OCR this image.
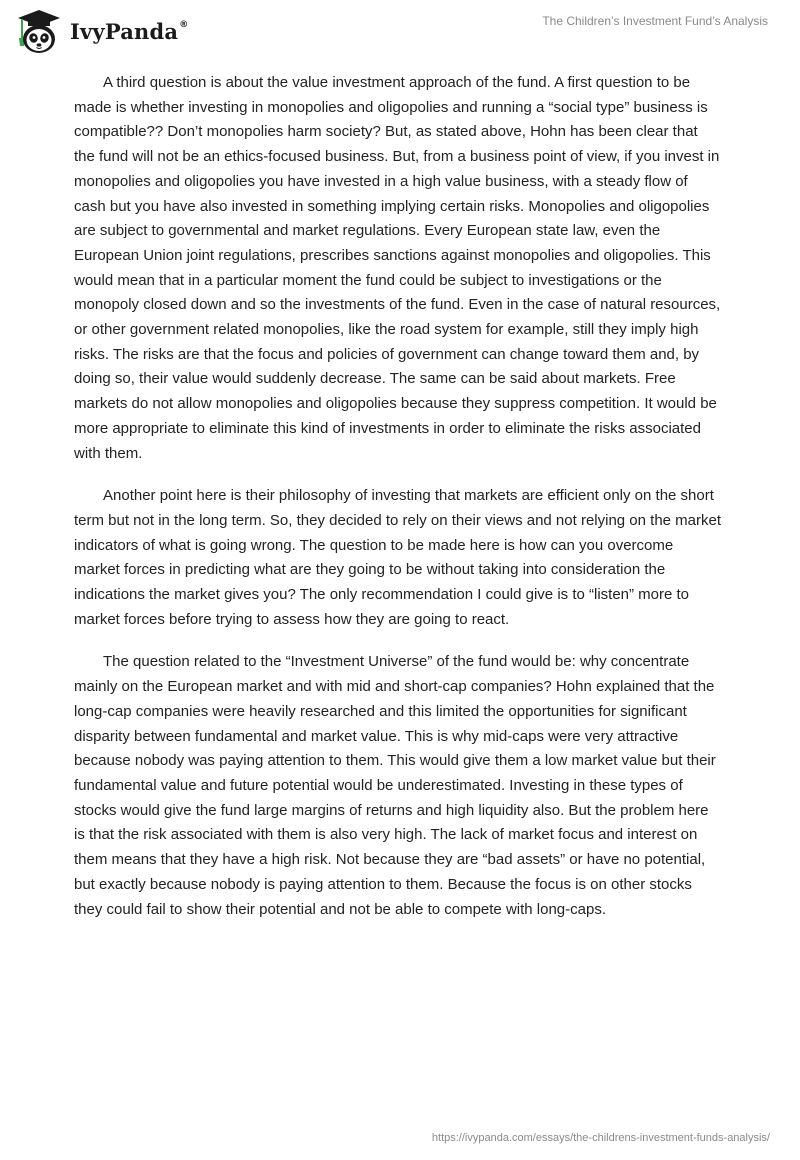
IvyPanda®	The Children’s Investment Fund’s Analysis

A third question is about the value investment approach of the fund. A first question to be made is whether investing in monopolies and oligopolies and running a “social type” business is compatible?? Don’t monopolies harm society? But, as stated above, Hohn has been clear that the fund will not be an ethics-focused business. But, from a business point of view, if you invest in monopolies and oligopolies you have invested in a high value business, with a steady flow of cash but you have also invested in something implying certain risks. Monopolies and oligopolies are subject to governmental and market regulations. Every European state law, even the European Union joint regulations, prescribes sanctions against monopolies and oligopolies. This would mean that in a particular moment the fund could be subject to investigations or the monopoly closed down and so the investments of the fund. Even in the case of natural resources, or other government related monopolies, like the road system for example, still they imply high risks. The risks are that the focus and policies of government can change toward them and, by doing so, their value would suddenly decrease. The same can be said about markets. Free markets do not allow monopolies and oligopolies because they suppress competition. It would be more appropriate to eliminate this kind of investments in order to eliminate the risks associated with them.

Another point here is their philosophy of investing that markets are efficient only on the short term but not in the long term. So, they decided to rely on their views and not relying on the market indicators of what is going wrong. The question to be made here is how can you overcome market forces in predicting what are they going to be without taking into consideration the indications the market gives you? The only recommendation I could give is to “listen” more to market forces before trying to assess how they are going to react.

The question related to the “Investment Universe” of the fund would be: why concentrate mainly on the European market and with mid and short-cap companies? Hohn explained that the long-cap companies were heavily researched and this limited the opportunities for significant disparity between fundamental and market value. This is why mid-caps were very attractive because nobody was paying attention to them. This would give them a low market value but their fundamental value and future potential would be underestimated. Investing in these types of stocks would give the fund large margins of returns and high liquidity also. But the problem here is that the risk associated with them is also very high. The lack of market focus and interest on them means that they have a high risk. Not because they are “bad assets” or have no potential, but exactly because nobody is paying attention to them. Because the focus is on other stocks they could fail to show their potential and not be able to compete with long-caps.

https://ivypanda.com/essays/the-childrens-investment-funds-analysis/
